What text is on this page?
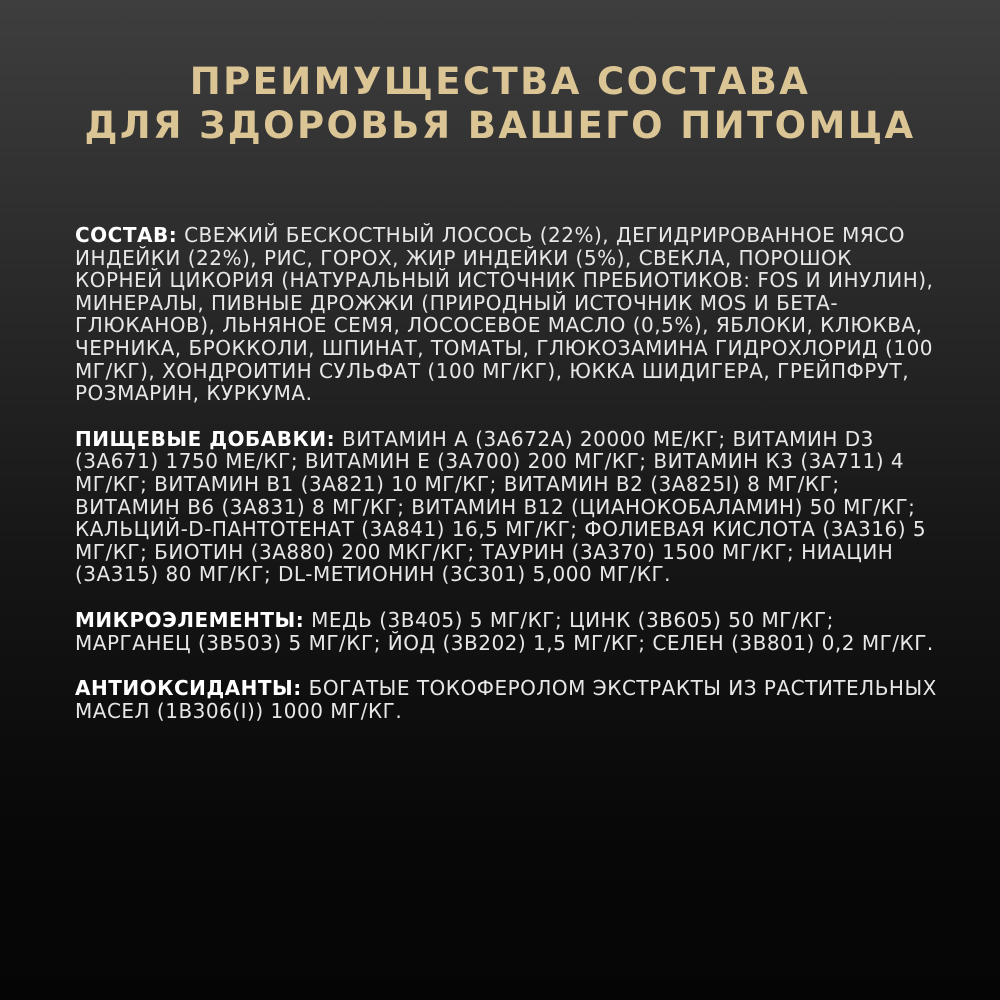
ПРЕИМУЩЕСТВА СОСТАВА
ДЛЯ ЗДОРОВЬЯ ВАШЕГО ПИТОМЦА

СОСТАВ: СВЕЖИЙ БЕСКОСТНЫЙ ЛОСОСЬ (22%), ДЕГИДРИРОВАННОЕ МЯСО ИНДЕЙКИ (22%), РИС, ГОРОХ, ЖИР ИНДЕЙКИ (5%), СВЕКЛА, ПОРОШОК КОРНЕЙ ЦИКОРИЯ (НАТУРАЛЬНЫЙ ИСТОЧНИК ПРЕБИОТИКОВ: FOS И ИНУЛИН), МИНЕРАЛЫ, ПИВНЫЕ ДРОЖЖИ (ПРИРОДНЫЙ ИСТОЧНИК MOS И БЕТА-ГЛЮКАНОВ), ЛЬНЯНОЕ СЕМЯ, ЛОСОСЕВОЕ МАСЛО (0,5%), ЯБЛОКИ, КЛЮКВА, ЧЕРНИКА, БРОККОЛИ, ШПИНАТ, ТОМАТЫ, ГЛЮКОЗАМИНА ГИДРОХЛОРИД (100 МГ/КГ), ХОНДРОИТИН СУЛЬФАТ (100 МГ/КГ), ЮККА ШИДИГЕРА, ГРЕЙПФРУТ, РОЗМАРИН, КУРКУМА.

ПИЩЕВЫЕ ДОБАВКИ: ВИТАМИН А (3А672А) 20000 МЕ/КГ; ВИТАМИН D3 (3А671) 1750 МЕ/КГ; ВИТАМИН Е (3А700) 200 МГ/КГ; ВИТАМИН К3 (3А711) 4 МГ/КГ; ВИТАМИН В1 (3А821) 10 МГ/КГ; ВИТАМИН В2 (3А825І) 8 МГ/КГ; ВИТАМИН В6 (3А831) 8 МГ/КГ; ВИТАМИН В12 (ЦИАНОКОБАЛАМИН) 50 МГ/КГ; КАЛЬЦИЙ-D-ПАНТОТЕНАТ (3А841) 16,5 МГ/КГ; ФОЛИЕВАЯ КИСЛОТА (3А316) 5 МГ/КГ; БИОТИН (3А880) 200 МКГ/КГ; ТАУРИН (3А370) 1500 МГ/КГ; НИАЦИН (3А315) 80 МГ/КГ; DL-МЕТИОНИН (3С301) 5,000 МГ/КГ.

МИКРОЭЛЕМЕНТЫ: МЕДЬ (3В405) 5 МГ/КГ; ЦИНК (3В605) 50 МГ/КГ; МАРГАНЕЦ (3В503) 5 МГ/КГ; ЙОД (3В202) 1,5 МГ/КГ; СЕЛЕН (3В801) 0,2 МГ/КГ.

АНТИОКСИДАНТЫ: БОГАТЫЕ ТОКОФЕРОЛОМ ЭКСТРАКТЫ ИЗ РАСТИТЕЛЬНЫХ МАСЕЛ (1В306(І)) 1000 МГ/КГ.
